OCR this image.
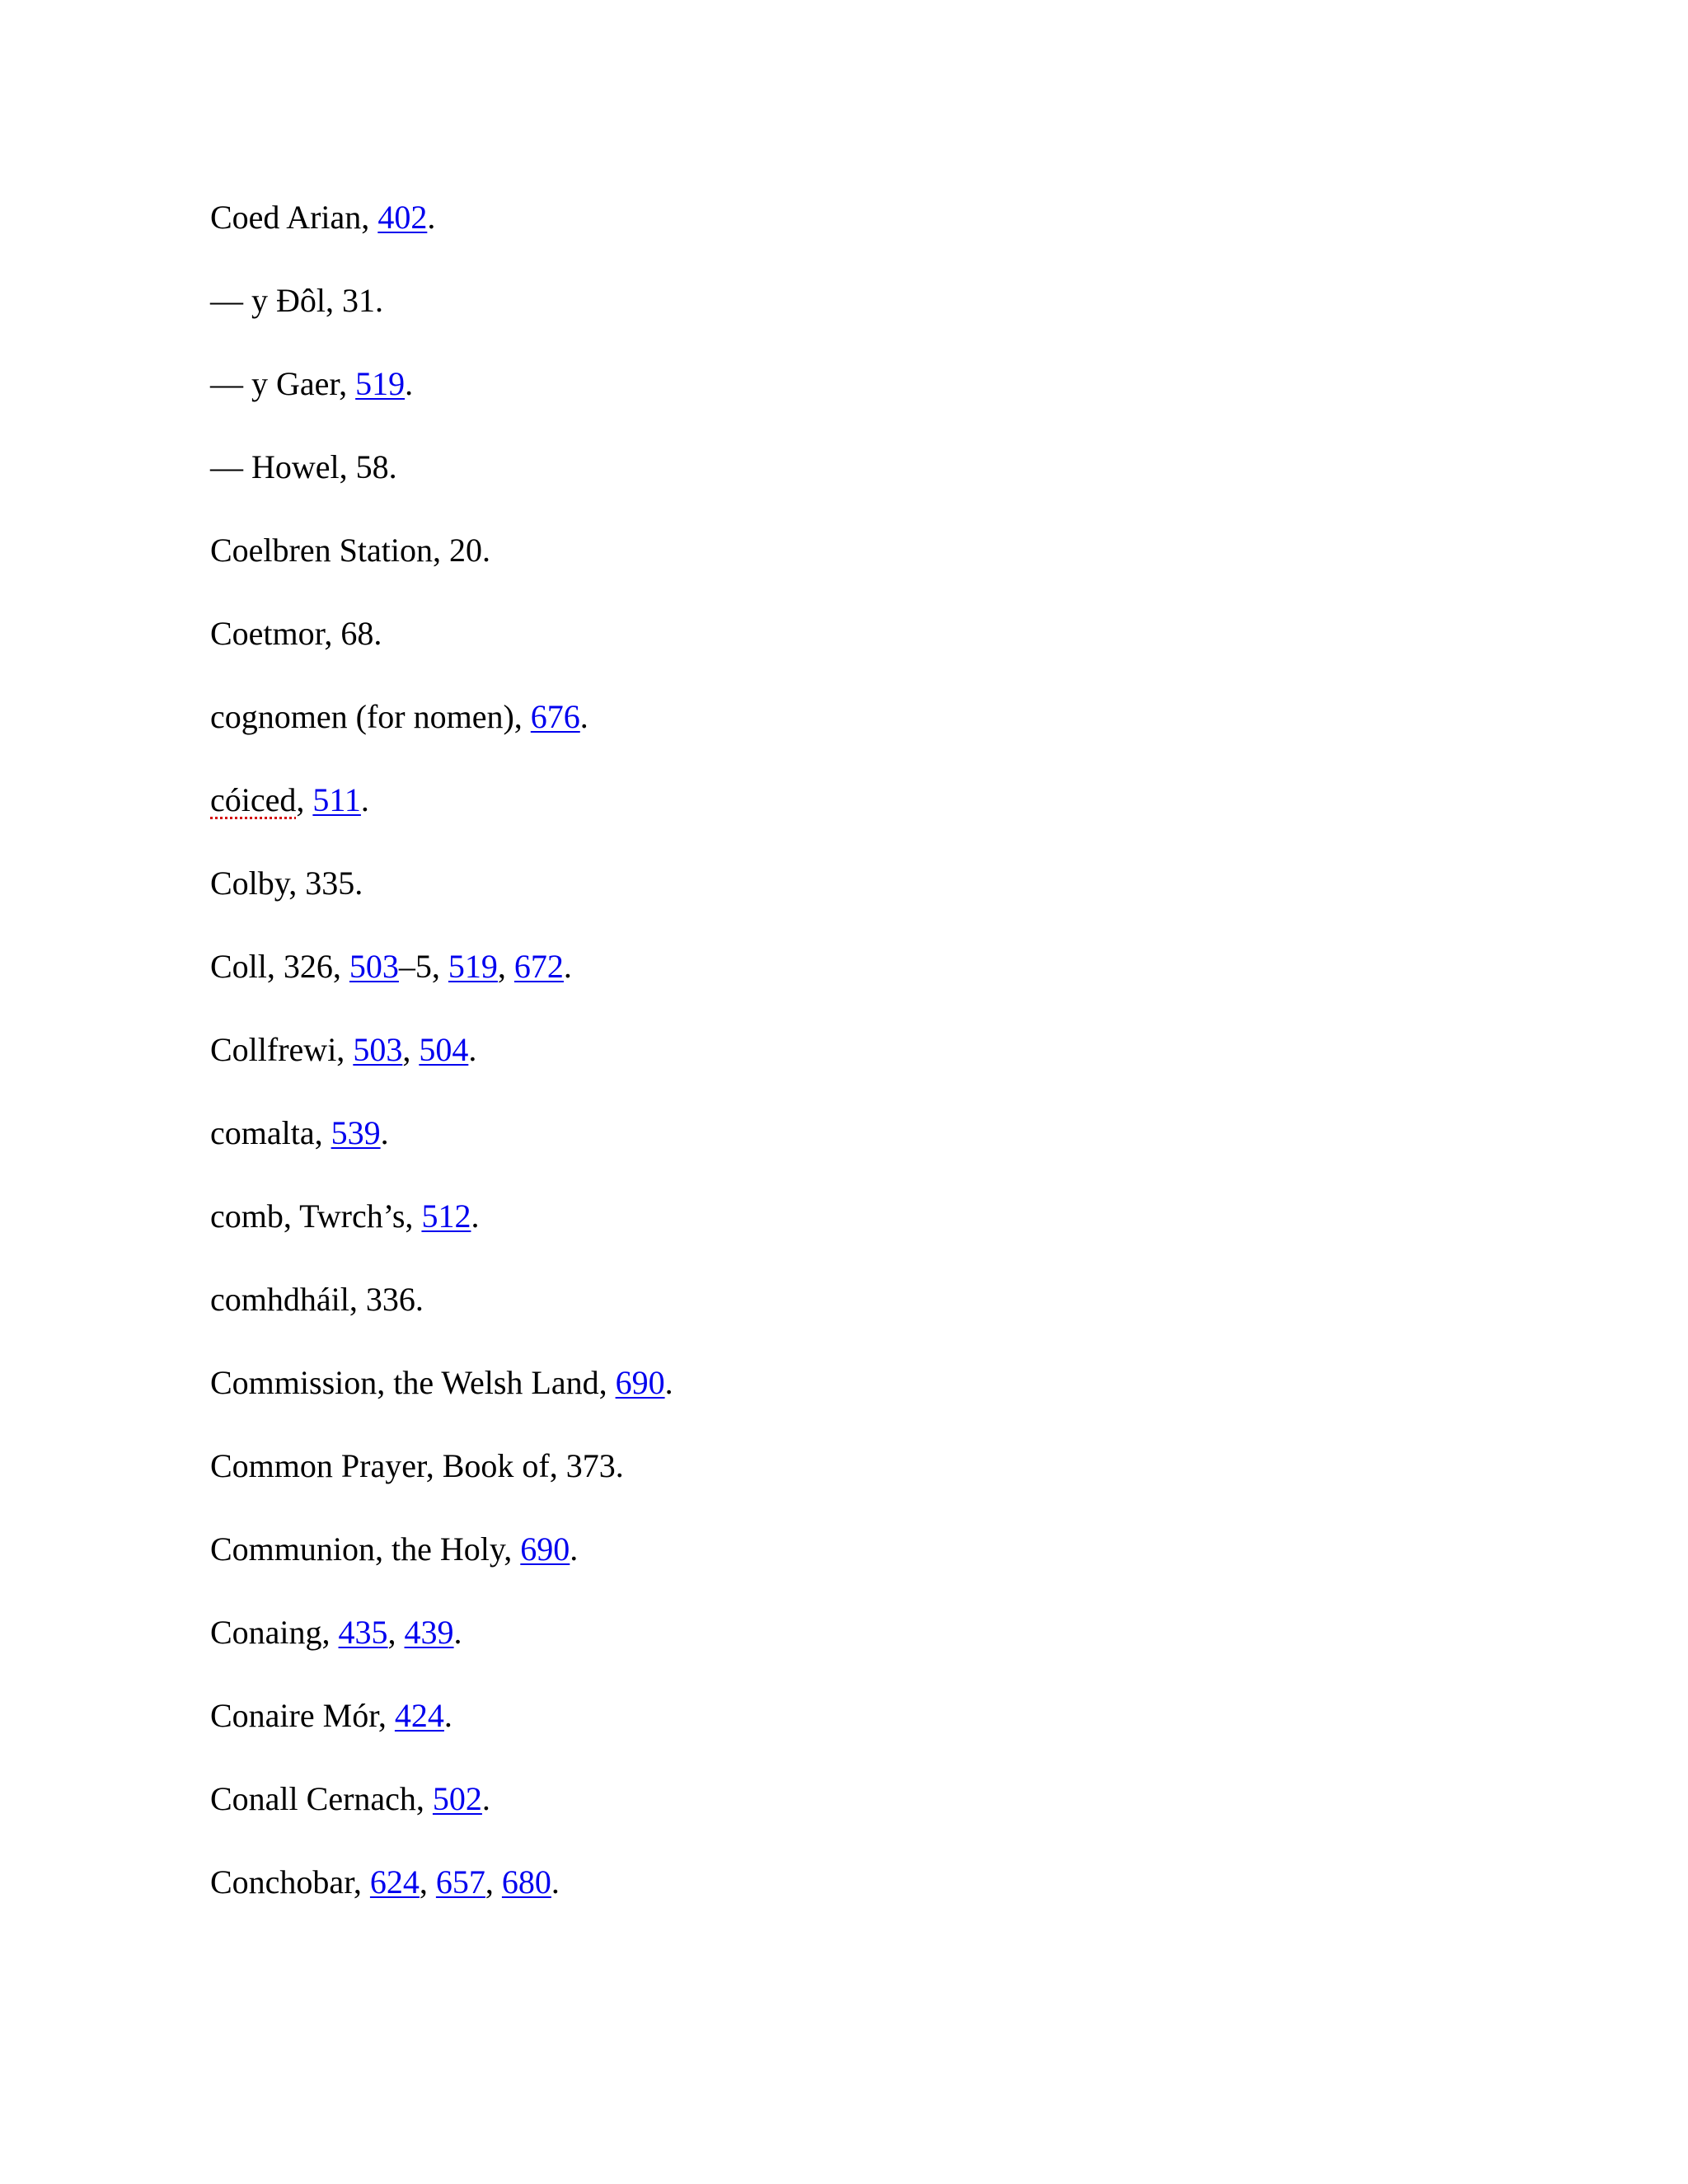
Coed Arian, 402.
— y Ðôl, 31.
— y Gaer, 519.
— Howel, 58.
Coelbren Station, 20.
Coetmor, 68.
cognomen (for nomen), 676.
cóiced, 511.
Colby, 335.
Coll, 326, 503–5, 519, 672.
Collfrewi, 503, 504.
comalta, 539.
comb, Twrch’s, 512.
comhdháil, 336.
Commission, the Welsh Land, 690.
Common Prayer, Book of, 373.
Communion, the Holy, 690.
Conaing, 435, 439.
Conaire Mór, 424.
Conall Cernach, 502.
Conchobar, 624, 657, 680.
